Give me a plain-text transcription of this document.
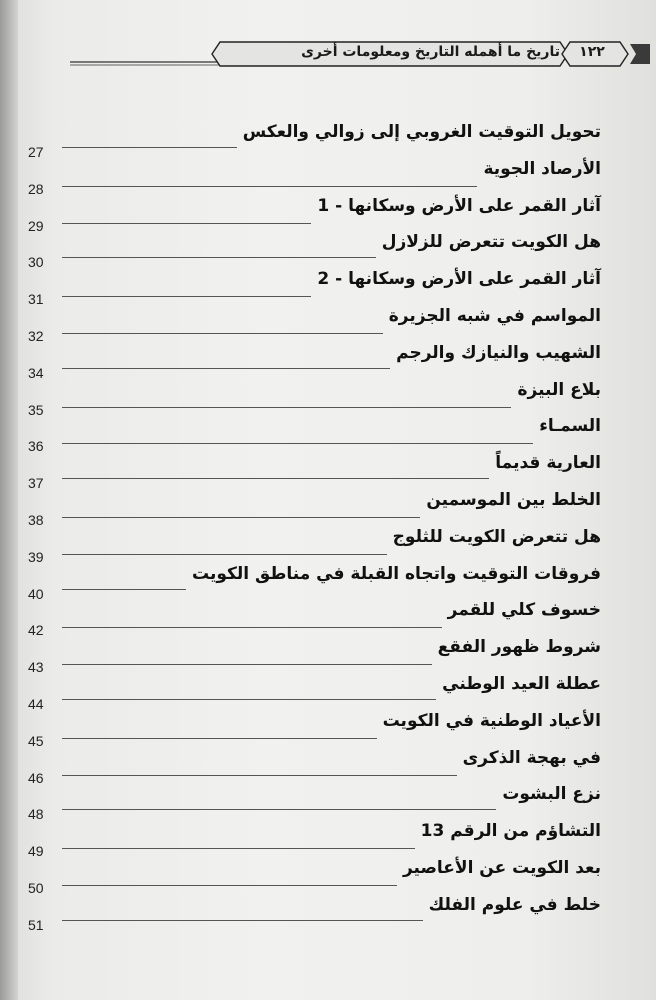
تاريخ ما أهمله التاريخ ومعلومات أخرى	١٢٢
تحويل التوقيت الغروبي إلى زوالي والعكس
27
الأرصاد الجوية
28
آثار القمر على الأرض وسكانها - 1
29
هل الكويت تتعرض للزلازل
30
آثار القمر على الأرض وسكانها - 2
31
المواسم في شبه الجزيرة
32
الشهيب والنيازك والرجم
34
بلاع البيزة
35
السمـاء
36
العارية قديماً
37
الخلط بين الموسمين
38
هل تتعرض الكويت للثلوج
39
فروقات التوقيت واتجاه القبلة في مناطق الكويت
40
خسوف كلي للقمر
42
شروط ظهور الفقع
43
عطلة العيد الوطني
44
الأعياد الوطنية في الكويت
45
في بهجة الذكرى
46
نزع البشوت
48
التشاؤم من الرقم 13
49
بعد الكويت عن الأعاصير
50
خلط في علوم الفلك
51
